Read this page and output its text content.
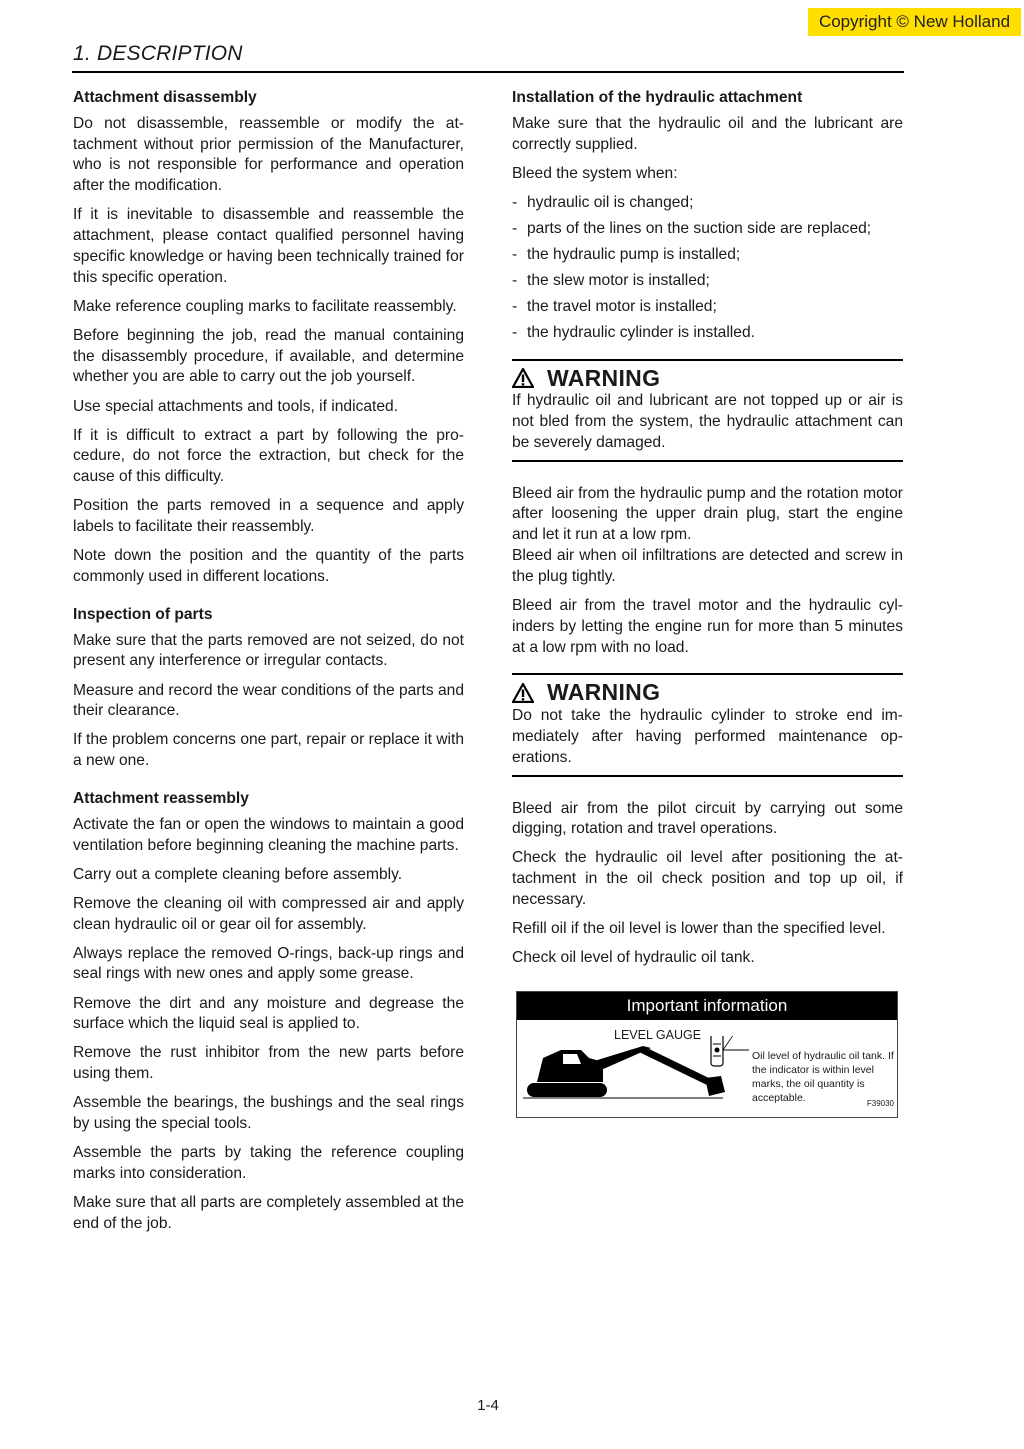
Copyright © New Holland
1. DESCRIPTION
Attachment disassembly

Do not disassemble, reassemble or modify the attachment without prior permission of the Manufacturer, who is not responsible for performance and operation after the modification.

If it is inevitable to disassemble and reassemble the attachment, please contact qualified personnel having specific knowledge or having been technically trained for this specific operation.

Make reference coupling marks to facilitate reassembly.

Before beginning the job, read the manual containing the disassembly procedure, if available, and determine whether you are able to carry out the job yourself.

Use special attachments and tools, if indicated.

If it is difficult to extract a part by following the procedure, do not force the extraction, but check for the cause of this difficulty.

Position the parts removed in a sequence and apply labels to facilitate their reassembly.

Note down the position and the quantity of the parts commonly used in different locations.

Inspection of parts

Make sure that the parts removed are not seized, do not present any interference or irregular contacts.

Measure and record the wear conditions of the parts and their clearance.

If the problem concerns one part, repair or replace it with a new one.

Attachment reassembly

Activate the fan or open the windows to maintain a good ventilation before beginning cleaning the machine parts.

Carry out a complete cleaning before assembly.

Remove the cleaning oil with compressed air and apply clean hydraulic oil or gear oil for assembly.

Always replace the removed O-rings, back-up rings and seal rings with new ones and apply some grease.

Remove the dirt and any moisture and degrease the surface which the liquid seal is applied to.

Remove the rust inhibitor from the new parts before using them.

Assemble the bearings, the bushings and the seal rings by using the special tools.

Assemble the parts by taking the reference coupling marks into consideration.

Make sure that all parts are completely assembled at the end of the job.

Installation of the hydraulic attachment

Make sure that the hydraulic oil and the lubricant are correctly supplied.

Bleed the system when:

- hydraulic oil is changed;
- parts of the lines on the suction side are replaced;
- the hydraulic pump is installed;
- the slew motor is installed;
- the travel motor is installed;
- the hydraulic cylinder is installed.
WARNING

If hydraulic oil and lubricant are not topped up or air is not bled from the system, the hydraulic attachment can be severely damaged.

Bleed air from the hydraulic pump and the rotation motor after loosening the upper drain plug, start the engine and let it run at a low rpm.

Bleed air when oil infiltrations are detected and screw in the plug tightly.

Bleed air from the travel motor and the hydraulic cylinders by letting the engine run for more than 5 minutes at a low rpm with no load.

WARNING

Do not take the hydraulic cylinder to stroke end immediately after having performed maintenance operations.

Bleed air from the pilot circuit by carrying out some digging, rotation and travel operations.

Check the hydraulic oil level after positioning the attachment in the oil check position and top up oil, if necessary.

Refill oil if the oil level is lower than the specified level.

Check oil level of hydraulic oil tank.

Important information
LEVEL GAUGE
Oil level of hydraulic oil tank. If the indicator is within level marks, the oil quantity is acceptable.	F39030
1-4
